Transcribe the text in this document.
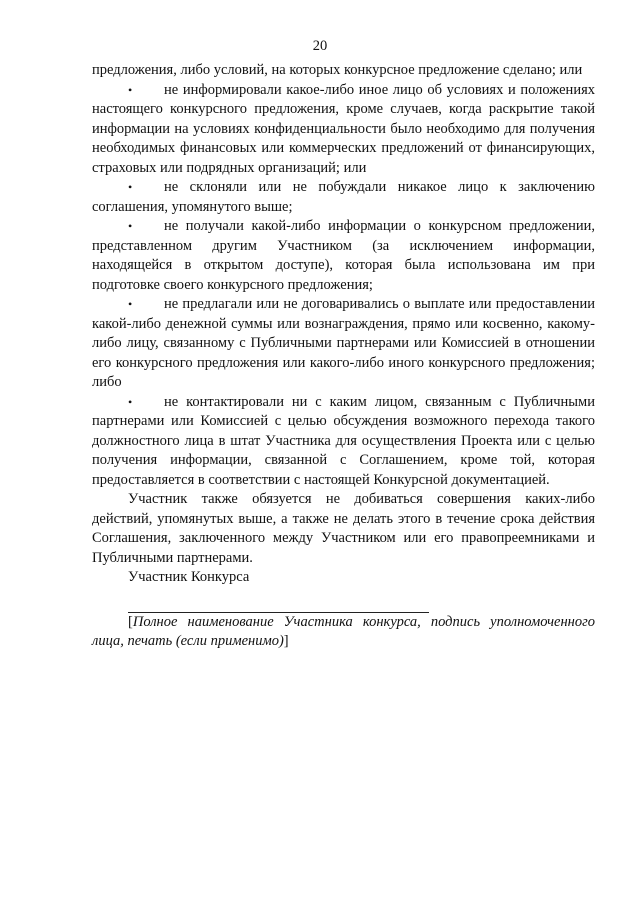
20

предложения, либо условий, на которых конкурсное предложение сделано; или

• не информировали какое-либо иное лицо об условиях и положениях настоящего конкурсного предложения, кроме случаев, когда раскрытие такой информации на условиях конфиденциальности было необходимо для получения необходимых финансовых или коммерческих предложений от финансирующих, страховых или подрядных организаций; или

• не склоняли или не побуждали никакое лицо к заключению соглашения, упомянутого выше;

• не получали какой-либо информации о конкурсном предложении, представленном другим Участником (за исключением информации, находящейся в открытом доступе), которая была использована им при подготовке своего конкурсного предложения;

• не предлагали или не договаривались о выплате или предоставлении какой-либо денежной суммы или вознаграждения, прямо или косвенно, какому-либо лицу, связанному с Публичными партнерами или Комиссией в отношении его конкурсного предложения или какого-либо иного конкурсного предложения; либо

• не контактировали ни с каким лицом, связанным с Публичными партнерами или Комиссией с целью обсуждения возможного перехода такого должностного лица в штат Участника для осуществления Проекта или с целью получения информации, связанной с Соглашением, кроме той, которая предоставляется в соответствии с настоящей Конкурсной документацией.

Участник также обязуется не добиваться совершения каких-либо действий, упомянутых выше, а также не делать этого в течение срока действия Соглашения, заключенного между Участником или его правопреемниками и Публичными партнерами.

Участник Конкурса

[Полное наименование Участника конкурса, подпись уполномоченного лица, печать (если применимо)]
